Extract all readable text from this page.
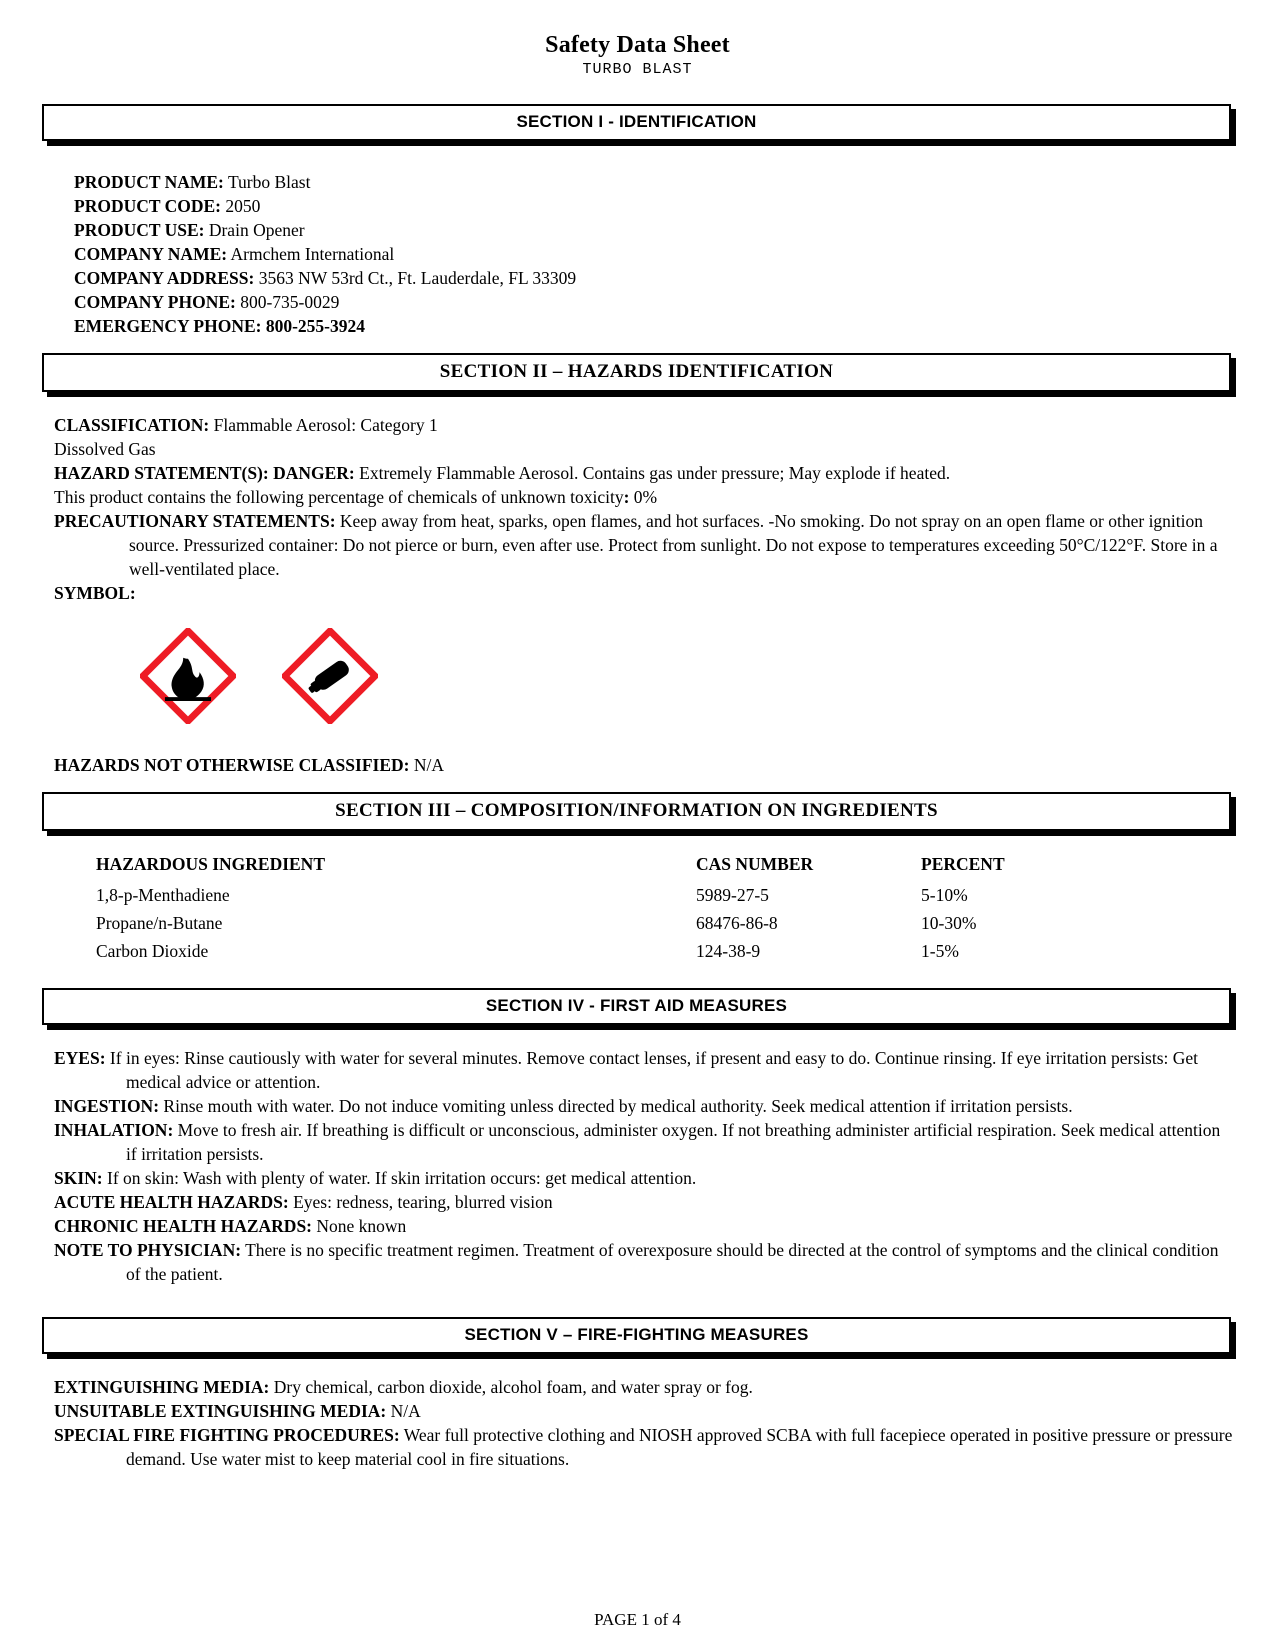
Safety Data Sheet
TURBO BLAST
SECTION I - IDENTIFICATION
PRODUCT NAME: Turbo Blast
PRODUCT CODE: 2050
PRODUCT USE: Drain Opener
COMPANY NAME: Armchem International
COMPANY ADDRESS: 3563 NW 53rd Ct., Ft. Lauderdale, FL 33309
COMPANY PHONE: 800-735-0029
EMERGENCY PHONE: 800-255-3924
SECTION II – HAZARDS IDENTIFICATION
CLASSIFICATION: Flammable Aerosol: Category 1
Dissolved Gas
HAZARD STATEMENT(S): DANGER: Extremely Flammable Aerosol. Contains gas under pressure; May explode if heated.
This product contains the following percentage of chemicals of unknown toxicity: 0%
PRECAUTIONARY STATEMENTS: Keep away from heat, sparks, open flames, and hot surfaces. -No smoking. Do not spray on an open flame or other ignition source. Pressurized container: Do not pierce or burn, even after use. Protect from sunlight. Do not expose to temperatures exceeding 50°C/122°F. Store in a well-ventilated place.
SYMBOL:
HAZARDS NOT OTHERWISE CLASSIFIED: N/A
SECTION III – COMPOSITION/INFORMATION ON INGREDIENTS
HAZARDOUS INGREDIENT	CAS NUMBER	PERCENT
1,8-p-Menthadiene	5989-27-5	5-10%
Propane/n-Butane	68476-86-8	10-30%
Carbon Dioxide	124-38-9	1-5%
SECTION IV - FIRST AID MEASURES
EYES: If in eyes: Rinse cautiously with water for several minutes. Remove contact lenses, if present and easy to do. Continue rinsing. If eye irritation persists: Get medical advice or attention.
INGESTION: Rinse mouth with water. Do not induce vomiting unless directed by medical authority. Seek medical attention if irritation persists.
INHALATION: Move to fresh air. If breathing is difficult or unconscious, administer oxygen. If not breathing administer artificial respiration. Seek medical attention if irritation persists.
SKIN: If on skin: Wash with plenty of water. If skin irritation occurs: get medical attention.
ACUTE HEALTH HAZARDS: Eyes: redness, tearing, blurred vision
CHRONIC HEALTH HAZARDS: None known
NOTE TO PHYSICIAN: There is no specific treatment regimen. Treatment of overexposure should be directed at the control of symptoms and the clinical condition of the patient.
SECTION V – FIRE-FIGHTING MEASURES
EXTINGUISHING MEDIA: Dry chemical, carbon dioxide, alcohol foam, and water spray or fog.
UNSUITABLE EXTINGUISHING MEDIA: N/A
SPECIAL FIRE FIGHTING PROCEDURES: Wear full protective clothing and NIOSH approved SCBA with full facepiece operated in positive pressure or pressure demand. Use water mist to keep material cool in fire situations.
PAGE 1 of 4
